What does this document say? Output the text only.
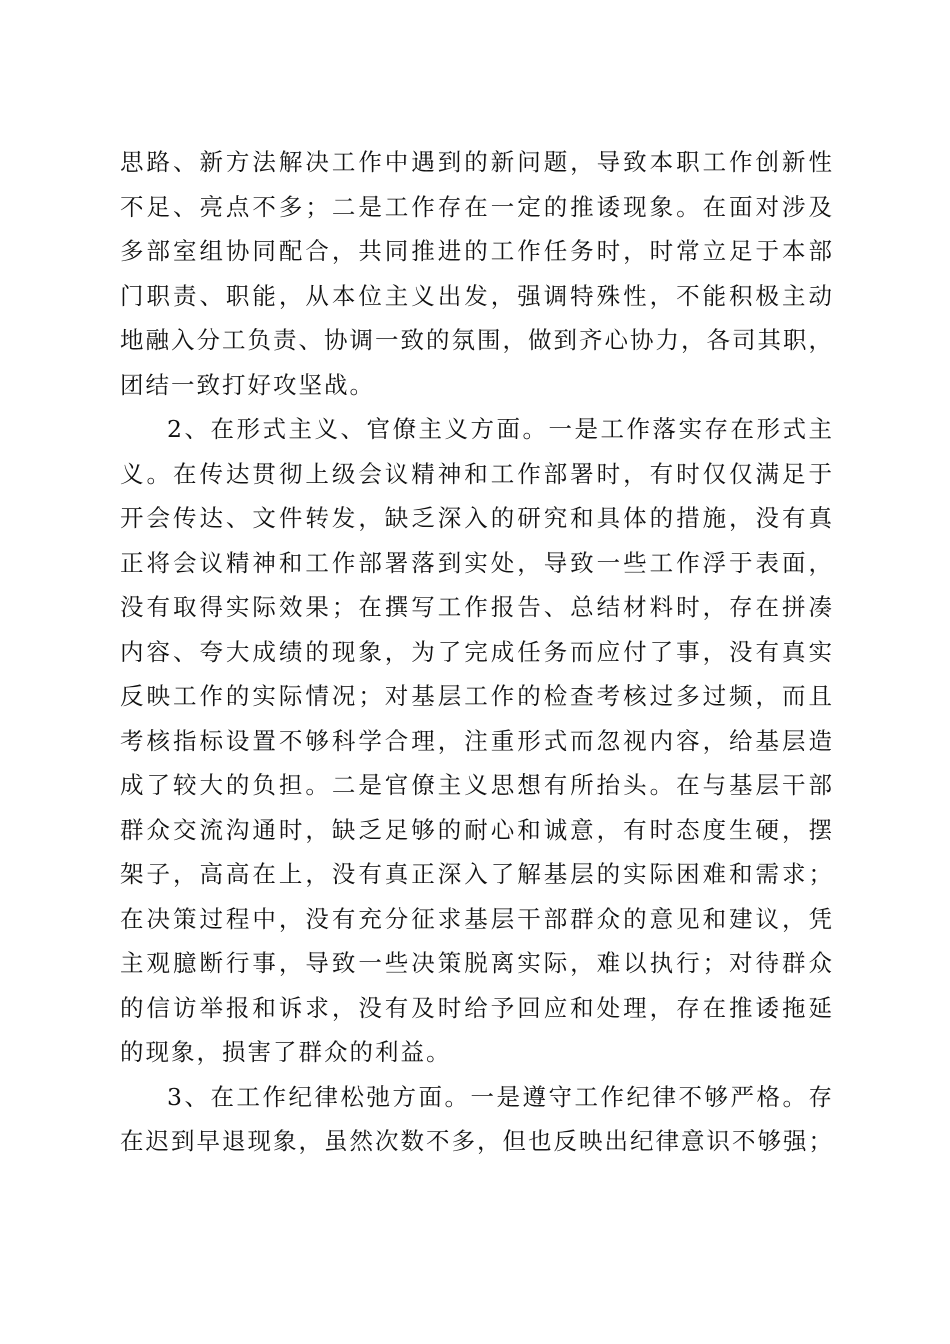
思路、新方法解决工作中遇到的新问题，导致本职工作创新性
不足、亮点不多；二是工作存在一定的推诿现象。在面对涉及
多部室组协同配合，共同推进的工作任务时，时常立足于本部
门职责、职能，从本位主义出发，强调特殊性，不能积极主动
地融入分工负责、协调一致的氛围，做到齐心协力，各司其职，
团结一致打好攻坚战。
2、在形式主义、官僚主义方面。一是工作落实存在形式主
义。在传达贯彻上级会议精神和工作部署时，有时仅仅满足于
开会传达、文件转发，缺乏深入的研究和具体的措施，没有真
正将会议精神和工作部署落到实处，导致一些工作浮于表面，
没有取得实际效果；在撰写工作报告、总结材料时，存在拼凑
内容、夸大成绩的现象，为了完成任务而应付了事，没有真实
反映工作的实际情况；对基层工作的检查考核过多过频，而且
考核指标设置不够科学合理，注重形式而忽视内容，给基层造
成了较大的负担。二是官僚主义思想有所抬头。在与基层干部
群众交流沟通时，缺乏足够的耐心和诚意，有时态度生硬，摆
架子，高高在上，没有真正深入了解基层的实际困难和需求；
在决策过程中，没有充分征求基层干部群众的意见和建议，凭
主观臆断行事，导致一些决策脱离实际，难以执行；对待群众
的信访举报和诉求，没有及时给予回应和处理，存在推诿拖延
的现象，损害了群众的利益。
3、在工作纪律松弛方面。一是遵守工作纪律不够严格。存
在迟到早退现象，虽然次数不多，但也反映出纪律意识不够强；
